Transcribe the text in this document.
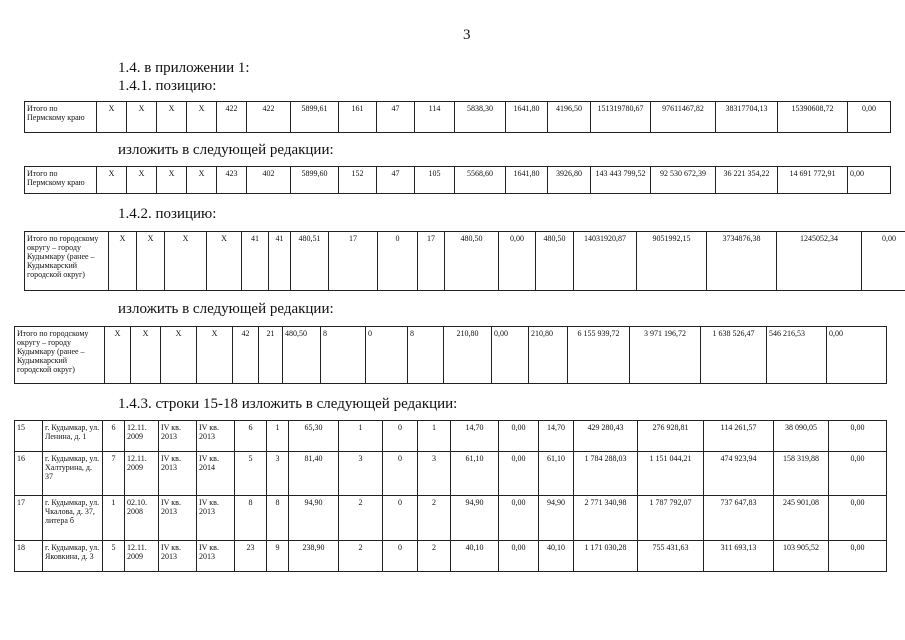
3
1.4. в приложении 1:
1.4.1. позицию:
Итого по Пермскому краю	X	X	X	X	422	422	5899,61	161	47	114	5838,30	1641,80	4196,50	151319780,67	97611467,82	38317704,13	15390608,72	0,00
изложить в следующей редакции:
Итого по Пермскому краю	X	X	X	X	423	402	5899,60	152	47	105	5568,60	1641,80	3926,80	143 443 799,52	92 530 672,39	36 221 354,22	14 691 772,91	0,00
1.4.2. позицию:
Итого по городскому округу – городу Кудымкару (ранее – Кудымкарский городской округ)	X	X	X	X	41	41	480,51	17	0	17	480,50	0,00	480,50	14031920,87	9051992,15	3734876,38	1245052,34	0,00
изложить в следующей редакции:
Итого по городскому округу – городу Кудымкару (ранее – Кудымкарский городской округ)	X	X	X	X	42	21	480,50	8	0	8	210,80	0,00	210,80	6 155 939,72	3 971 196,72	1 638 526,47	546 216,53	0,00
1.4.3. строки 15-18 изложить в следующей редакции:
15	г. Кудымкар, ул. Ленина, д. 1	6	12.11. 2009	IV кв. 2013	IV кв. 2013	6	1	65,30	1	0	1	14,70	0,00	14,70	429 280,43	276 928,81	114 261,57	38 090,05	0,00
16	г. Кудымкар, ул. Халтурина, д. 37	7	12.11. 2009	IV кв. 2013	IV кв. 2014	5	3	81,40	3	0	3	61,10	0,00	61,10	1 784 288,03	1 151 044,21	474 923,94	158 319,88	0,00
17	г. Кудымкар, ул. Чкалова, д. 37, литера б	1	02.10. 2008	IV кв. 2013	IV кв. 2013	8	8	94,90	2	0	2	94,90	0,00	94,90	2 771 340,98	1 787 792,07	737 647,83	245 901,08	0,00
18	г. Кудымкар, ул. Яковкина, д. 3	5	12.11. 2009	IV кв. 2013	IV кв. 2013	23	9	238,90	2	0	2	40,10	0,00	40,10	1 171 030,28	755 431,63	311 693,13	103 905,52	0,00
